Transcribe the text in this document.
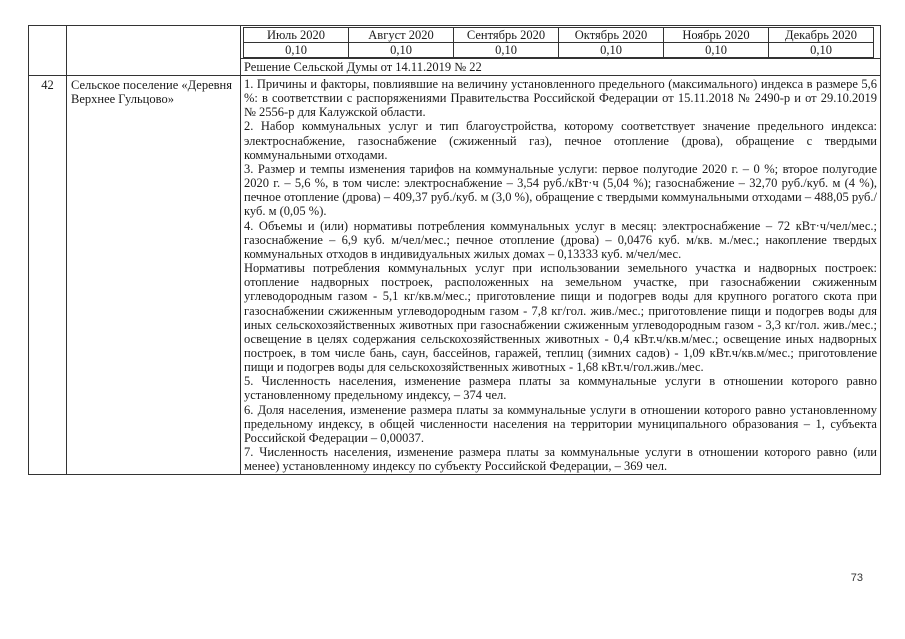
Июль 2020	Август 2020	Сентябрь 2020	Октябрь 2020	Ноябрь 2020	Декабрь 2020
0,10	0,10	0,10	0,10	0,10	0,10
Решение Сельской Думы от 14.11.2019 № 22

42	Сельское поселение «Деревня Верхнее Гульцово»	

1. Причины и факторы, повлиявшие на величину установленного предельного (максимального) индекса в размере 5,6 %: в соответствии с распоряжениями Правительства Российской Федерации от 15.11.2018 № 2490-р и от 29.10.2019 № 2556-р для Калужской области.

2. Набор коммунальных услуг и тип благоустройства, которому соответствует значение предельного индекса: электроснабжение, газоснабжение (сжиженный газ), печное отопление (дрова), обращение с твердыми коммунальными отходами.

3. Размер и темпы изменения тарифов на коммунальные услуги: первое полугодие 2020 г. – 0 %; второе полугодие 2020 г. – 5,6 %, в том числе: электроснабжение – 3,54 руб./кВт·ч (5,04 %); газоснабжение – 32,70 руб./куб. м (4 %), печное отопление (дрова) – 409,37 руб./куб. м (3,0 %), обращение с твердыми коммунальными отходами – 488,05 руб./куб. м (0,05 %).

4. Объемы и (или) нормативы потребления коммунальных услуг в месяц: электроснабжение – 72 кВт·ч/чел/мес.; газоснабжение – 6,9 куб. м/чел/мес.; печное отопление (дрова) – 0,0476 куб. м/кв. м./мес.; накопление твердых коммунальных отходов в индивидуальных жилых домах – 0,13333 куб. м/чел/мес.

Нормативы потребления коммунальных услуг при использовании земельного участка и надворных построек: отопление надворных построек, расположенных на земельном участке, при газоснабжении сжиженным углеводородным газом - 5,1 кг/кв.м/мес.; приготовление пищи и подогрев воды для крупного рогатого скота при газоснабжении сжиженным углеводородным газом - 7,8 кг/гол. жив./мес.; приготовление пищи и подогрев воды для иных сельскохозяйственных животных при газоснабжении сжиженным углеводородным газом - 3,3 кг/гол. жив./мес.; освещение в целях содержания сельскохозяйственных животных - 0,4 кВт.ч/кв.м/мес.; освещение иных надворных построек, в том числе бань, саун, бассейнов, гаражей, теплиц (зимних садов) - 1,09 кВт.ч/кв.м/мес.; приготовление пищи и подогрев воды для сельскохозяйственных животных - 1,68 кВт.ч/гол.жив./мес.

5. Численность населения, изменение размера платы за коммунальные услуги в отношении которого равно установленному предельному индексу, – 374 чел.

6. Доля населения, изменение размера платы за коммунальные услуги в отношении которого равно установленному предельному индексу, в общей численности населения на территории муниципального образования – 1, субъекта Российской Федерации – 0,00037.

7. Численность населения, изменение размера платы за коммунальные услуги в отношении которого равно (или менее) установленному индексу по субъекту Российской Федерации, – 369 чел.

73
